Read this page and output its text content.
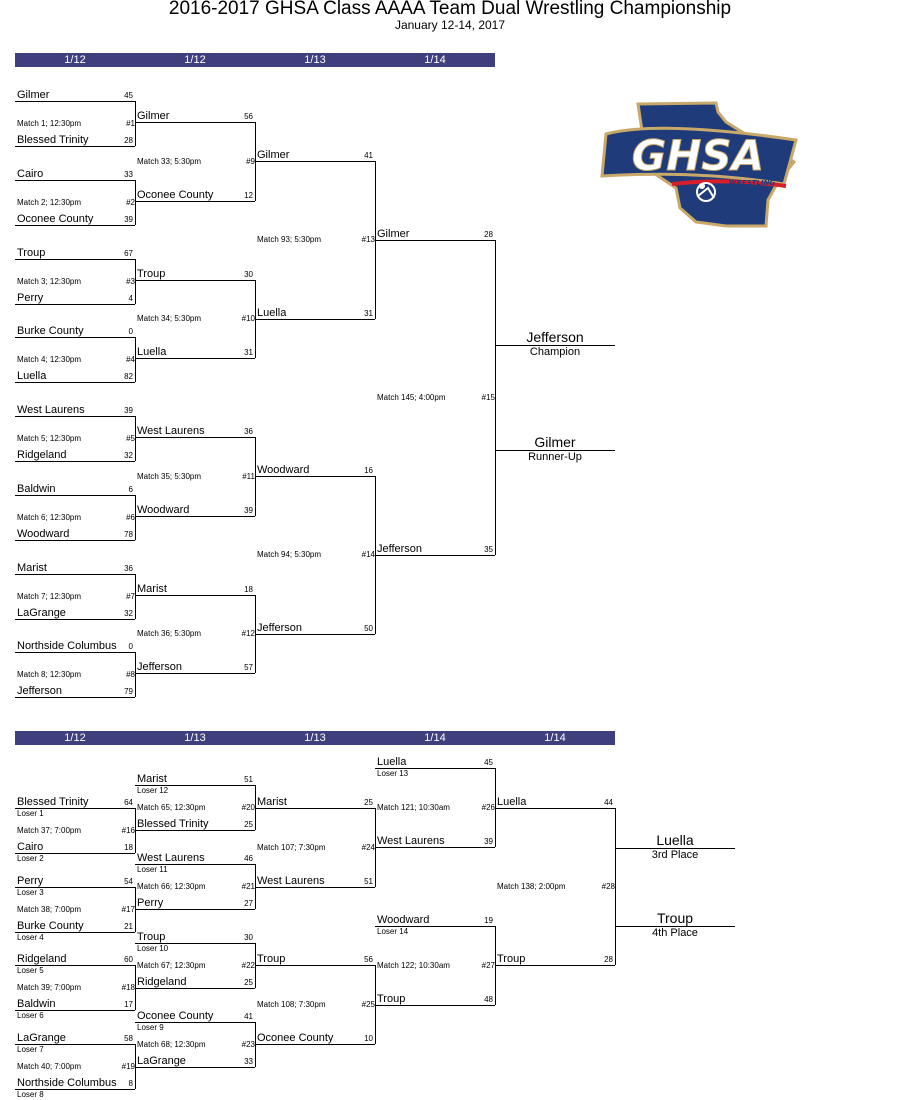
2016-2017 GHSA Class AAAA Team Dual Wrestling Championship
January 12-14, 2017
GHSA
WRESTLING
1/12	1/12	1/13	1/14
Gilmer	45
Blessed Trinity	28
Match 1; 12:30pm	#1
Cairo	33
Oconee County	39
Match 2; 12:30pm	#2
Troup	67
Perry	4
Match 3; 12:30pm	#3
Burke County	0
Luella	82
Match 4; 12:30pm	#4
West Laurens	39
Ridgeland	32
Match 5; 12:30pm	#5
Baldwin	6
Woodward	78
Match 6; 12:30pm	#6
Marist	36
LaGrange	32
Match 7; 12:30pm	#7
Northside Columbus	0
Jefferson	79
Match 8; 12:30pm	#8
Gilmer	56
Oconee County	12
Match 33; 5:30pm	#9
Troup	30
Luella	31
Match 34; 5:30pm	#10
West Laurens	36
Woodward	39
Match 35; 5:30pm	#11
Marist	18
Jefferson	57
Match 36; 5:30pm	#12
Gilmer	41
Luella	31
Match 93; 5:30pm	#13
Woodward	16
Jefferson	50
Match 94; 5:30pm	#14
Gilmer	28
Jefferson	35
Match 145; 4:00pm	#15
Jefferson
Champion
Gilmer
Runner-Up
1/12	1/13	1/13	1/14	1/14
Blessed Trinity	64
Loser 1
Cairo	18
Loser 2
Match 37; 7:00pm	#16
Perry	54
Loser 3
Burke County	21
Loser 4
Match 38; 7:00pm	#17
Ridgeland	60
Loser 5
Baldwin	17
Loser 6
Match 39; 7:00pm	#18
LaGrange	58
Loser 7
Northside Columbus	8
Loser 8
Match 40; 7:00pm	#19
Marist	51
Loser 12
Blessed Trinity	25
Match 65; 12:30pm	#20
West Laurens	46
Loser 11
Perry	27
Match 66; 12:30pm	#21
Troup	30
Loser 10
Ridgeland	25
Match 67; 12:30pm	#22
Oconee County	41
Loser 9
LaGrange	33
Match 68; 12:30pm	#23
Marist	25
West Laurens	51
Match 107; 7:30pm	#24
Troup	56
Oconee County	10
Match 108; 7:30pm	#25
Luella	45
Loser 13
West Laurens	39
Match 121; 10:30am	#26
Woodward	19
Loser 14
Troup	48
Match 122; 10:30am	#27
Luella	44
Troup	28
Match 138; 2:00pm	#28
Luella
3rd Place
Troup
4th Place
